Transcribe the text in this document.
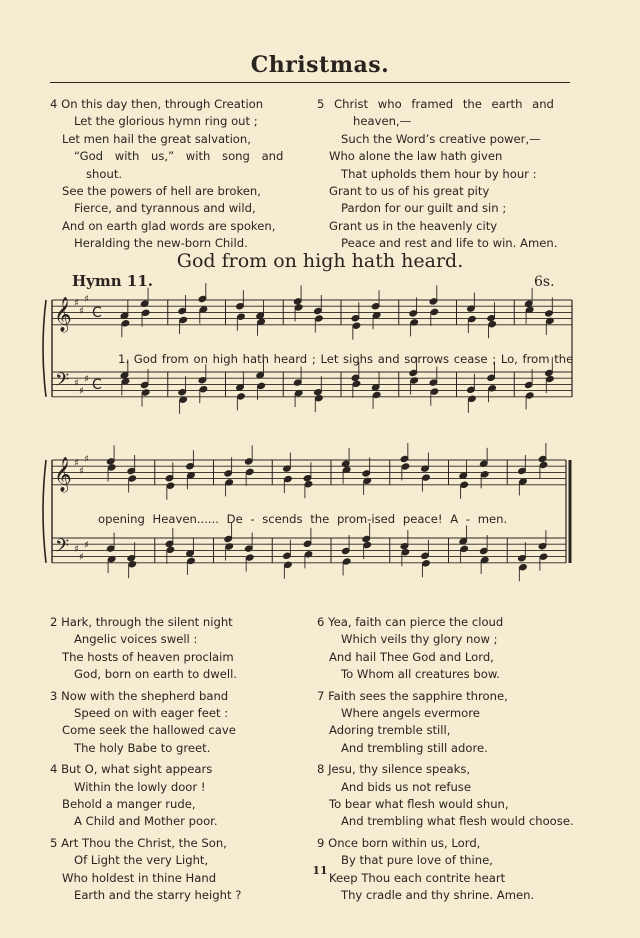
Christmas.
4 On this day then, through Creation
Let the glorious hymn ring out ;
Let men hail the great salvation,
“God with us,” with song and
shout.
See the powers of hell are broken,
Fierce, and tyrannous and wild,
And on earth glad words are spoken,
Heralding the new-born Child.
5 Christ who framed the earth and
heaven,—
Such the Word’s creative power,—
Who alone the law hath given
That upholds them hour by hour :
Grant to us of his great pity
Pardon for our guilt and sin ;
Grant us in the heavenly city
Peace and rest and life to win. Amen.
God from on high hath heard.
Hymn 11.	6s.
𝄞
𝄢
♯
♯
♯
C
♯
♯
♯ C
𝄞
𝄢
♯
♯
♯
♯
♯
♯
1. God from on high hath heard ; Let sighs and sorrows cease ; Lo, from the
opening Heaven...... De - scends the prom-ised peace! A - men.
2 Hark, through the silent night
Angelic voices swell :
The hosts of heaven proclaim
God, born on earth to dwell.
3 Now with the shepherd band
Speed on with eager feet :
Come seek the hallowed cave
The holy Babe to greet.
4 But O, what sight appears
Within the lowly door !
Behold a manger rude,
A Child and Mother poor.
5 Art Thou the Christ, the Son,
Of Light the very Light,
Who holdest in thine Hand
Earth and the starry height ?
6 Yea, faith can pierce the cloud
Which veils thy glory now ;
And hail Thee God and Lord,
To Whom all creatures bow.
7 Faith sees the sapphire throne,
Where angels evermore
Adoring tremble still,
And trembling still adore.
8 Jesu, thy silence speaks,
And bids us not refuse
To bear what flesh would shun,
And trembling what flesh would choose.
9 Once born within us, Lord,
By that pure love of thine,
Keep Thou each contrite heart
Thy cradle and thy shrine. Amen.
11
